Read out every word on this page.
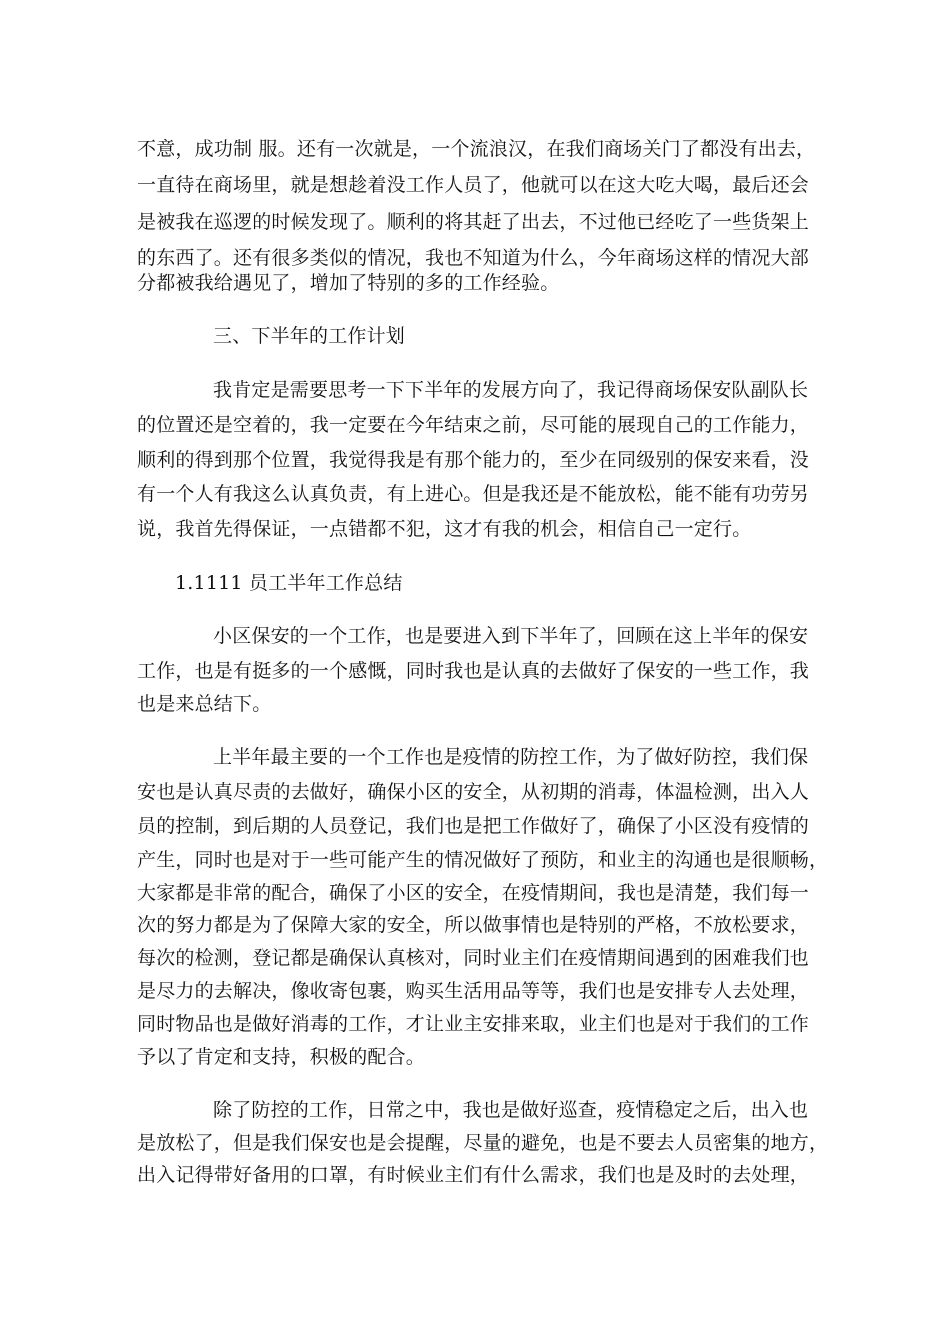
不意，成功制 服。还有一次就是，一个流浪汉，在我们商场关门了都没有出去，
一直待在商场里，就是想趁着没工作人员了，他就可以在这大吃大喝，最后还会
是被我在巡逻的时候发现了。顺利的将其赶了出去，不过他已经吃了一些货架上
的东西了。还有很多类似的情况，我也不知道为什么，今年商场这样的情况大部
分都被我给遇见了，增加了特别的多的工作经验。
三、下半年的工作计划
我肯定是需要思考一下下半年的发展方向了，我记得商场保安队副队长
的位置还是空着的，我一定要在今年结束之前，尽可能的展现自己的工作能力，
顺利的得到那个位置，我觉得我是有那个能力的，至少在同级别的保安来看，没
有一个人有我这么认真负责，有上进心。但是我还是不能放松，能不能有功劳另
说，我首先得保证，一点错都不犯，这才有我的机会，相信自己一定行。
1.1111 员工半年工作总结
小区保安的一个工作，也是要进入到下半年了，回顾在这上半年的保安
工作，也是有挺多的一个感慨，同时我也是认真的去做好了保安的一些工作，我
也是来总结下。
上半年最主要的一个工作也是疫情的防控工作，为了做好防控，我们保
安也是认真尽责的去做好，确保小区的安全，从初期的消毒，体温检测，出入人
员的控制，到后期的人员登记，我们也是把工作做好了，确保了小区没有疫情的
产生，同时也是对于一些可能产生的情况做好了预防，和业主的沟通也是很顺畅，
大家都是非常的配合，确保了小区的安全，在疫情期间，我也是清楚，我们每一
次的努力都是为了保障大家的安全，所以做事情也是特别的严格，不放松要求，
每次的检测，登记都是确保认真核对，同时业主们在疫情期间遇到的困难我们也
是尽力的去解决，像收寄包裹，购买生活用品等等，我们也是安排专人去处理，
同时物品也是做好消毒的工作，才让业主安排来取，业主们也是对于我们的工作
予以了肯定和支持，积极的配合。
除了防控的工作，日常之中，我也是做好巡查，疫情稳定之后，出入也
是放松了，但是我们保安也是会提醒，尽量的避免，也是不要去人员密集的地方，
出入记得带好备用的口罩，有时候业主们有什么需求，我们也是及时的去处理，
